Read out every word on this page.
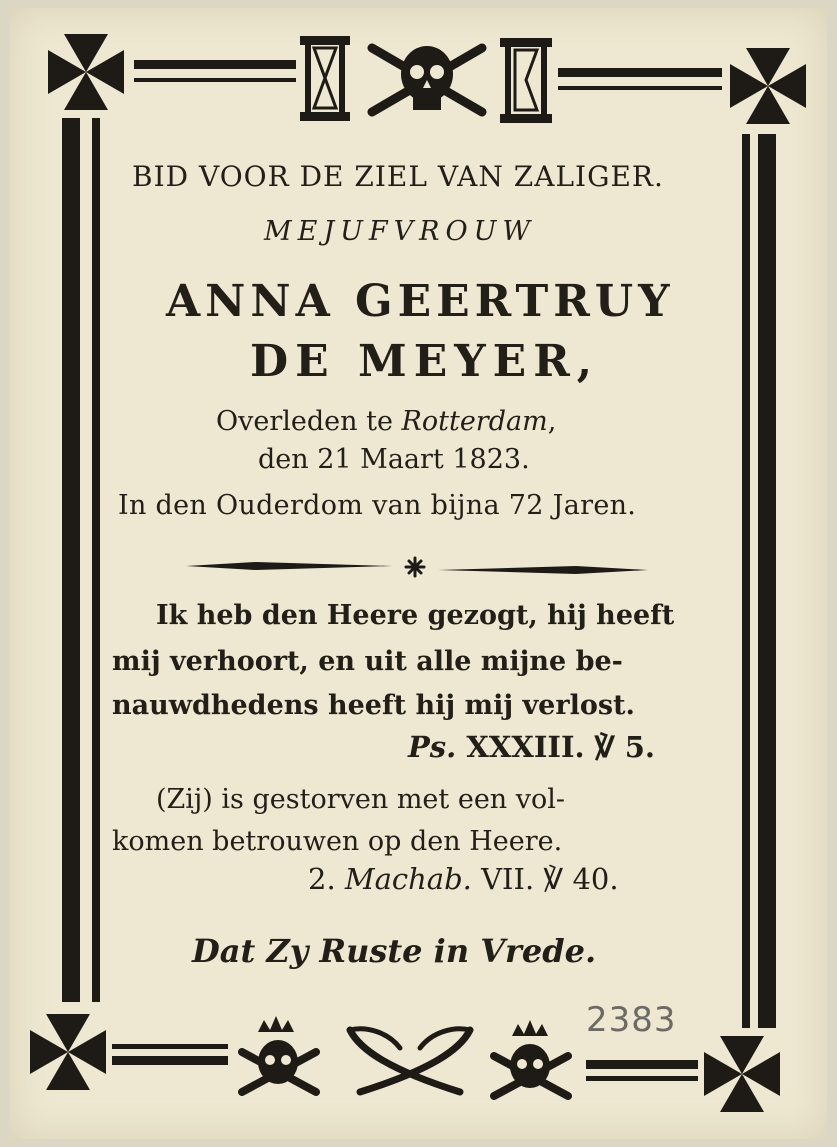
BID VOOR DE ZIEL VAN ZALIGER.
MEJUFVROUW
ANNA GEERTRUY
DE MEYER,
Overleden te Rotterdam,
den 21 Maart 1823.
In den Ouderdom van bijna 72 Jaren.
Ik heb den Heere gezogt, hij heeft
mij verhoort, en uit alle mijne be-
nauwdhedens heeft hij mij verlost.
Ps. XXXIII. ℣ 5.
(Zij) is gestorven met een vol-
komen betrouwen op den Heere.
2. Machab. VII. ℣ 40.
Dat Zy Ruste in Vrede.
2383
